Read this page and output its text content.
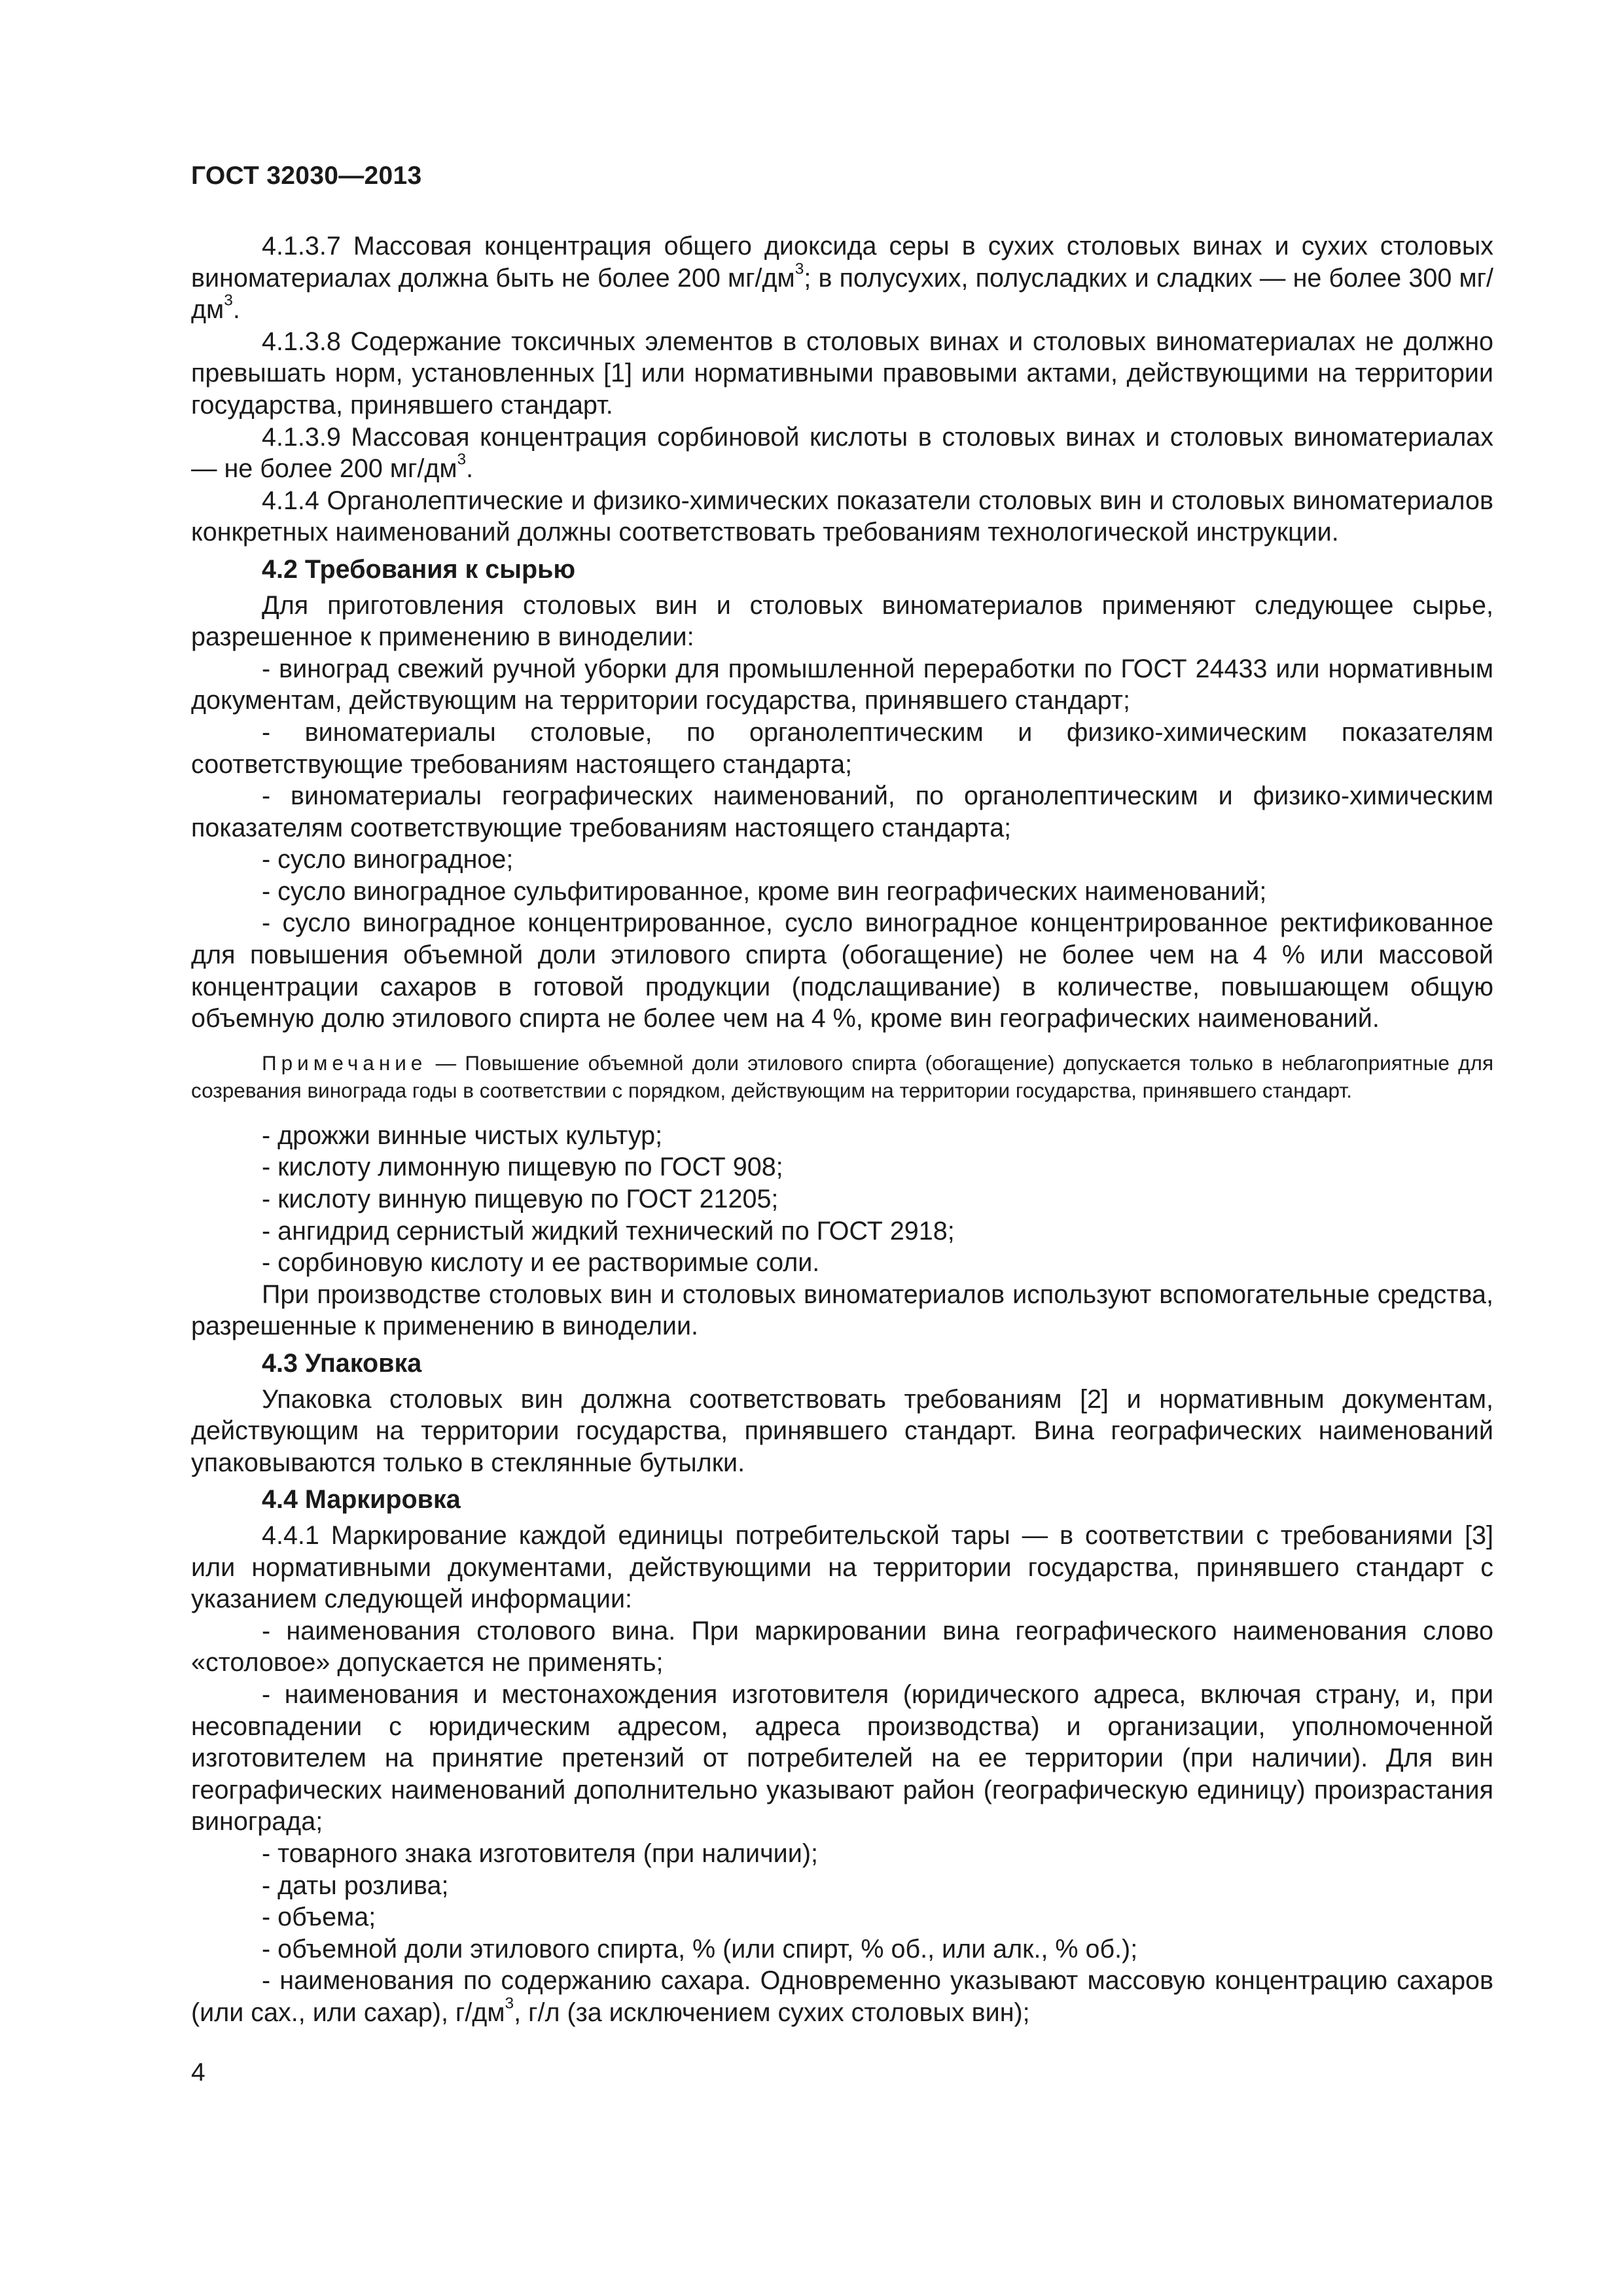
ГОСТ 32030—2013

4.1.3.7 Массовая концентрация общего диоксида серы в сухих столовых винах и сухих столовых виноматериалах должна быть не более 200 $мг/дм^3$; в полусухих, полусладких и сладких — не более 300 $мг/дм^3$.

4.1.3.8 Содержание токсичных элементов в столовых винах и столовых виноматериалах не должно превышать норм, установленных [1] или нормативными правовыми актами, действующими на территории государства, принявшего стандарт.

4.1.3.9 Массовая концентрация сорбиновой кислоты в столовых винах и столовых виноматериалах — не более 200 $мг/дм^3$.

4.1.4 Органолептические и физико-химических показатели столовых вин и столовых виноматериалов конкретных наименований должны соответствовать требованиям технологической инструкции.

4.2 Требования к сырью

Для приготовления столовых вин и столовых виноматериалов применяют следующее сырье, разрешенное к применению в виноделии:

- виноград свежий ручной уборки для промышленной переработки по ГОСТ 24433 или нормативным документам, действующим на территории государства, принявшего стандарт;

- виноматериалы столовые, по органолептическим и физико-химическим показателям соответствующие требованиям настоящего стандарта;

- виноматериалы географических наименований, по органолептическим и физико-химическим показателям соответствующие требованиям настоящего стандарта;

- сусло виноградное;

- сусло виноградное сульфитированное, кроме вин географических наименований;

- сусло виноградное концентрированное, сусло виноградное концентрированное ректификованное для повышения объемной доли этилового спирта (обогащение) не более чем на 4 % или массовой концентрации сахаров в готовой продукции (подслащивание) в количестве, повышающем общую объемную долю этилового спирта не более чем на 4 %, кроме вин географических наименований.

Примечание — Повышение объемной доли этилового спирта (обогащение) допускается только в неблагоприятные для созревания винограда годы в соответствии с порядком, действующим на территории государства, принявшего стандарт.

- дрожжи винные чистых культур;

- кислоту лимонную пищевую по ГОСТ 908;

- кислоту винную пищевую по ГОСТ 21205;

- ангидрид сернистый жидкий технический по ГОСТ 2918;

- сорбиновую кислоту и ее растворимые соли.

При производстве столовых вин и столовых виноматериалов используют вспомогательные средства, разрешенные к применению в виноделии.

4.3 Упаковка

Упаковка столовых вин должна соответствовать требованиям [2] и нормативным документам, действующим на территории государства, принявшего стандарт. Вина географических наименований упаковываются только в стеклянные бутылки.

4.4 Маркировка

4.4.1 Маркирование каждой единицы потребительской тары — в соответствии с требованиями [3] или нормативными документами, действующими на территории государства, принявшего стандарт с указанием следующей информации:

- наименования столового вина. При маркировании вина географического наименования слово «столовое» допускается не применять;

- наименования и местонахождения изготовителя (юридического адреса, включая страну, и, при несовпадении с юридическим адресом, адреса производства) и организации, уполномоченной изготовителем на принятие претензий от потребителей на ее территории (при наличии). Для вин географических наименований дополнительно указывают район (географическую единицу) произрастания винограда;

- товарного знака изготовителя (при наличии);

- даты розлива;

- объема;

- объемной доли этилового спирта, % (или спирт, % об., или алк., % об.);

- наименования по содержанию сахара. Одновременно указывают массовую концентрацию сахаров (или сах., или сахар), $г/дм^3$, г/л (за исключением сухих столовых вин);

4
